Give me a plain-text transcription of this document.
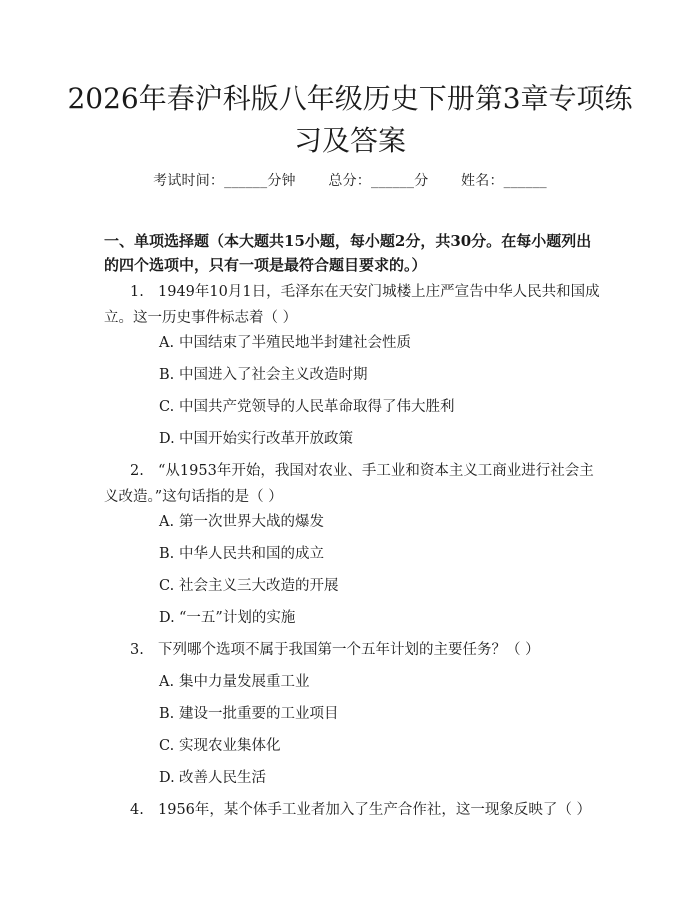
2026年春沪科版八年级历史下册第3章专项练习及答案
考试时间：______分钟 总分：______分 姓名：______

一、单项选择题（本大题共15小题，每小题2分，共30分。在每小题列出的四个选项中，只有一项是最符合题目要求的。）

1. 1949年10月1日，毛泽东在天安门城楼上庄严宣告中华人民共和国成立。这一历史事件标志着（ ）
A. 中国结束了半殖民地半封建社会性质
B. 中国进入了社会主义改造时期
C. 中国共产党领导的人民革命取得了伟大胜利
D. 中国开始实行改革开放政策
2. “从1953年开始，我国对农业、手工业和资本主义工商业进行社会主义改造。”这句话指的是（ ）
A. 第一次世界大战的爆发
B. 中华人民共和国的成立
C. 社会主义三大改造的开展
D. “一五”计划的实施
3. 下列哪个选项不属于我国第一个五年计划的主要任务？（ ）
A. 集中力量发展重工业
B. 建设一批重要的工业项目
C. 实现农业集体化
D. 改善人民生活
4. 1956年，某个体手工业者加入了生产合作社，这一现象反映了（ ）
